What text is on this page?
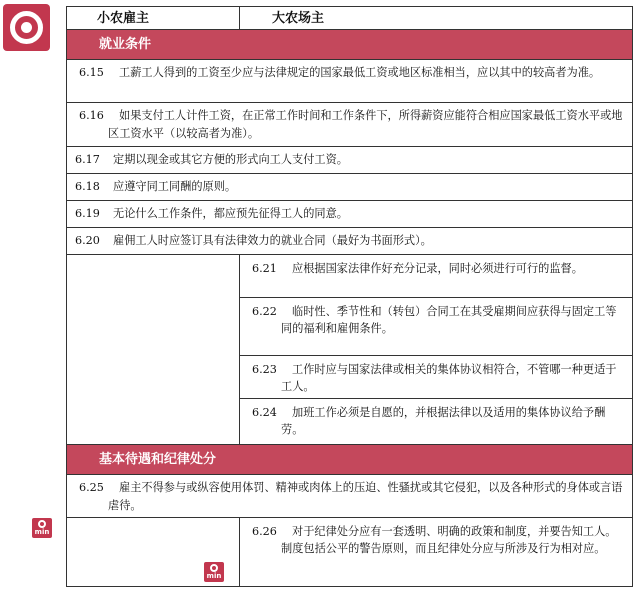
小农雇主	大农场主
就业条件
6.15 工薪工人得到的工资至少应与法律规定的国家最低工资或地区标准相当，应以其中的较高者为准。
6.16 如果支付工人计件工资，在正常工作时间和工作条件下，所得薪资应能符合相应国家最低工资水平或地区工资水平（以较高者为准）。
6.17 定期以现金或其它方便的形式向工人支付工资。
6.18 应遵守同工同酬的原则。
6.19 无论什么工作条件，都应预先征得工人的同意。
6.20 雇佣工人时应签订具有法律效力的就业合同（最好为书面形式）。
6.21 应根据国家法律作好充分记录，同时必须进行可行的监督。
6.22 临时性、季节性和（转包）合同工在其受雇期间应获得与固定工等同的福利和雇佣条件。
6.23 工作时应与国家法律或相关的集体协议相符合，不管哪一种更适于工人。
6.24 加班工作必须是自愿的，并根据法律以及适用的集体协议给予酬劳。
基本待遇和纪律处分
6.25 雇主不得参与或纵容使用体罚、精神或肉体上的压迫、性骚扰或其它侵犯，以及各种形式的身体或言语虐待。
6.26 对于纪律处分应有一套透明、明确的政策和制度，并要告知工人。制度包括公平的警告原则，而且纪律处分应与所涉及行为相对应。
min
min
